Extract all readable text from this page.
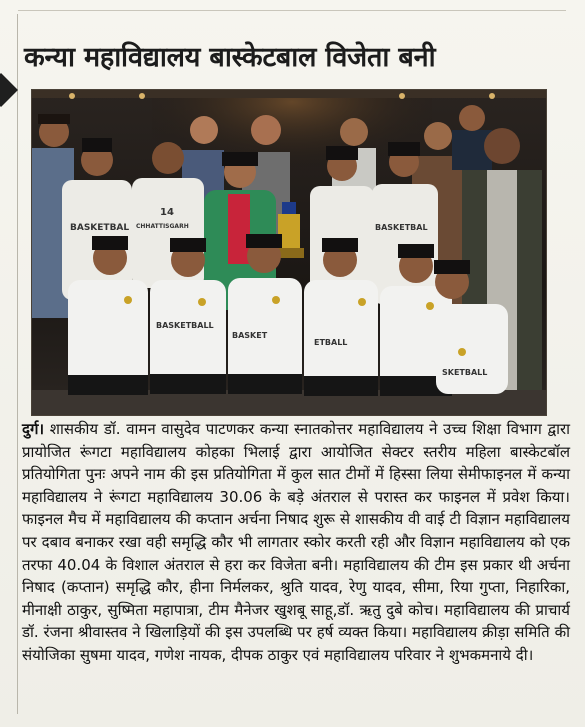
कन्या महाविद्यालय बास्केटबाल विजेता बनी
BASKETBAL
14
CHHATTISGARH	BASKETBAL
BASKETBALL
BASKET
ETBALL
SKETBALL
दुर्ग। शासकीय डॉ. वामन वासुदेव पाटणकर कन्या स्नातकोत्तर महाविद्यालय ने उच्च शिक्षा विभाग द्वारा प्रायोजित रूंगटा महाविद्यालय कोहका भिलाई द्वारा आयोजित सेक्टर स्तरीय महिला बास्केटबॉल प्रतियोगिता पुनः अपने नाम की इस प्रतियोगिता में कुल सात टीमों में हिस्सा लिया सेमीफाइनल में कन्या महाविद्यालय ने रूंगटा महाविद्यालय 30.06 के बड़े अंतराल से परास्त कर फाइनल में प्रवेश किया। फाइनल मैच में महाविद्यालय की कप्तान अर्चना निषाद शुरू से शासकीय वी वाई टी विज्ञान महाविद्यालय पर दबाव बनाकर रखा वही समृद्धि कौर भी लागतार स्कोर करती रही और विज्ञान महाविद्यालय को एक तरफा 40.04 के विशाल अंतराल से हरा कर विजेता बनी। महाविद्यालय की टीम इस प्रकार थी अर्चना निषाद (कप्तान) समृद्धि कौर, हीना निर्मलकर, श्रुति यादव, रेणु यादव, सीमा, रिया गुप्ता, निहारिका, मीनाक्षी ठाकुर, सुष्मिता महापात्रा, टीम मैनेजर खुशबू साहू,डॉ. ऋतु दुबे कोच। महाविद्यालय की प्राचार्य डॉ. रंजना श्रीवास्तव ने खिलाड़ियों की इस उपलब्धि पर हर्ष व्यक्त किया। महाविद्यालय क्रीड़ा समिति की संयोजिका सुषमा यादव, गणेश नायक, दीपक ठाकुर एवं महाविद्यालय परिवार ने शुभकमनाये दी।
